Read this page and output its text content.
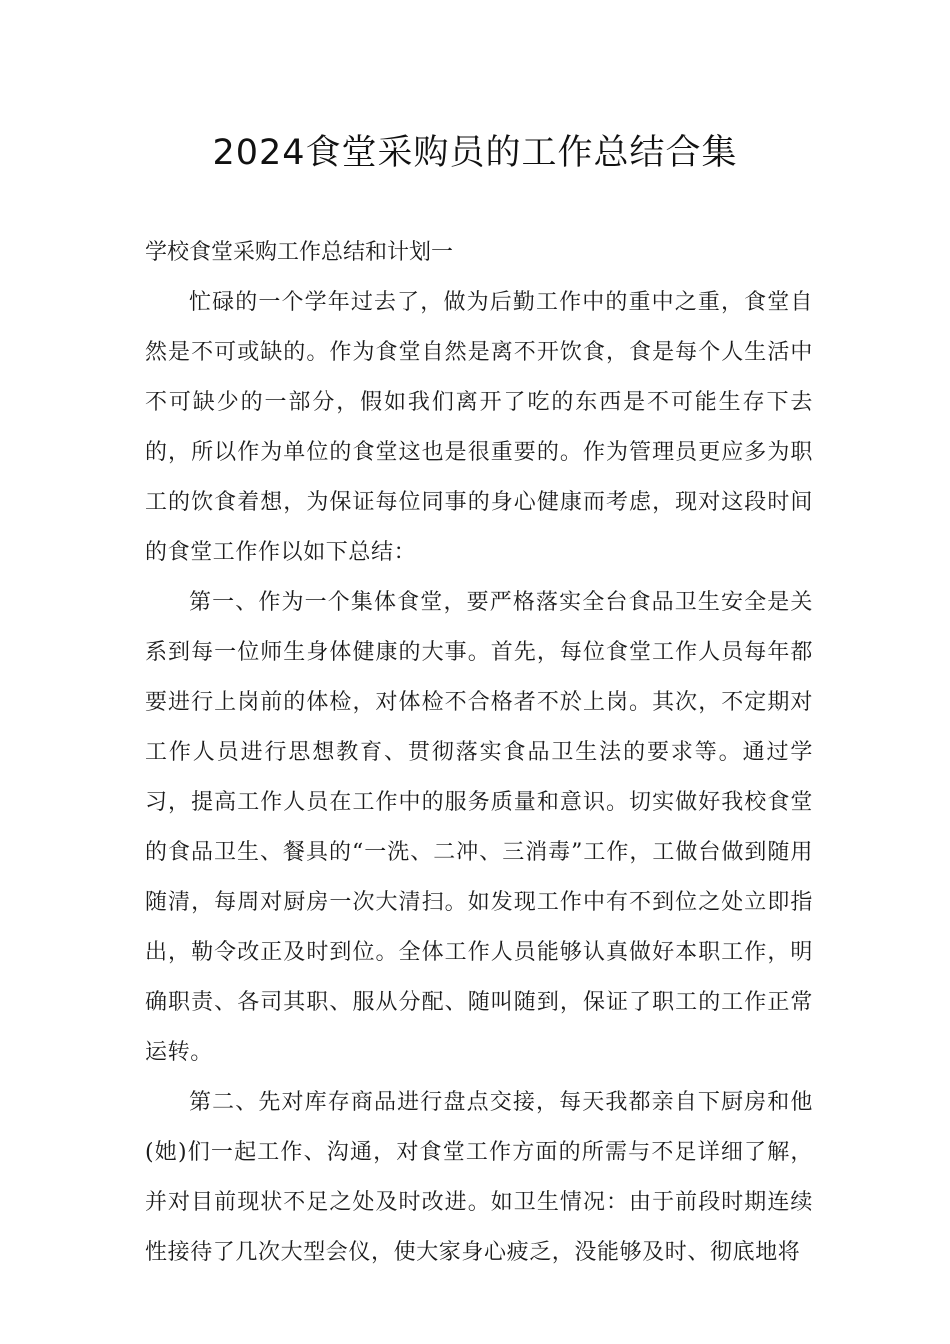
2024食堂采购员的工作总结合集
学校食堂采购工作总结和计划一

忙碌的一个学年过去了，做为后勤工作中的重中之重，食堂自然是不可或缺的。作为食堂自然是离不开饮食，食是每个人生活中不可缺少的一部分，假如我们离开了吃的东西是不可能生存下去的，所以作为单位的食堂这也是很重要的。作为管理员更应多为职工的饮食着想，为保证每位同事的身心健康而考虑，现对这段时间的食堂工作作以如下总结：

第一、作为一个集体食堂，要严格落实全台食品卫生安全是关系到每一位师生身体健康的大事。首先，每位食堂工作人员每年都要进行上岗前的体检，对体检不合格者不於上岗。其次，不定期对工作人员进行思想教育、贯彻落实食品卫生法的要求等。通过学习，提高工作人员在工作中的服务质量和意识。切实做好我校食堂的食品卫生、餐具的“一洗、二冲、三消毒”工作，工做台做到随用随清，每周对厨房一次大清扫。如发现工作中有不到位之处立即指出，勒令改正及时到位。全体工作人员能够认真做好本职工作，明确职责、各司其职、服从分配、随叫随到，保证了职工的工作正常运转。

第二、先对库存商品进行盘点交接，每天我都亲自下厨房和他(她)们一起工作、沟通，对食堂工作方面的所需与不足详细了解，并对目前现状不足之处及时改进。如卫生情况：由于前段时期连续性接待了几次大型会仪，使大家身心疲乏，没能够及时、彻底地将
